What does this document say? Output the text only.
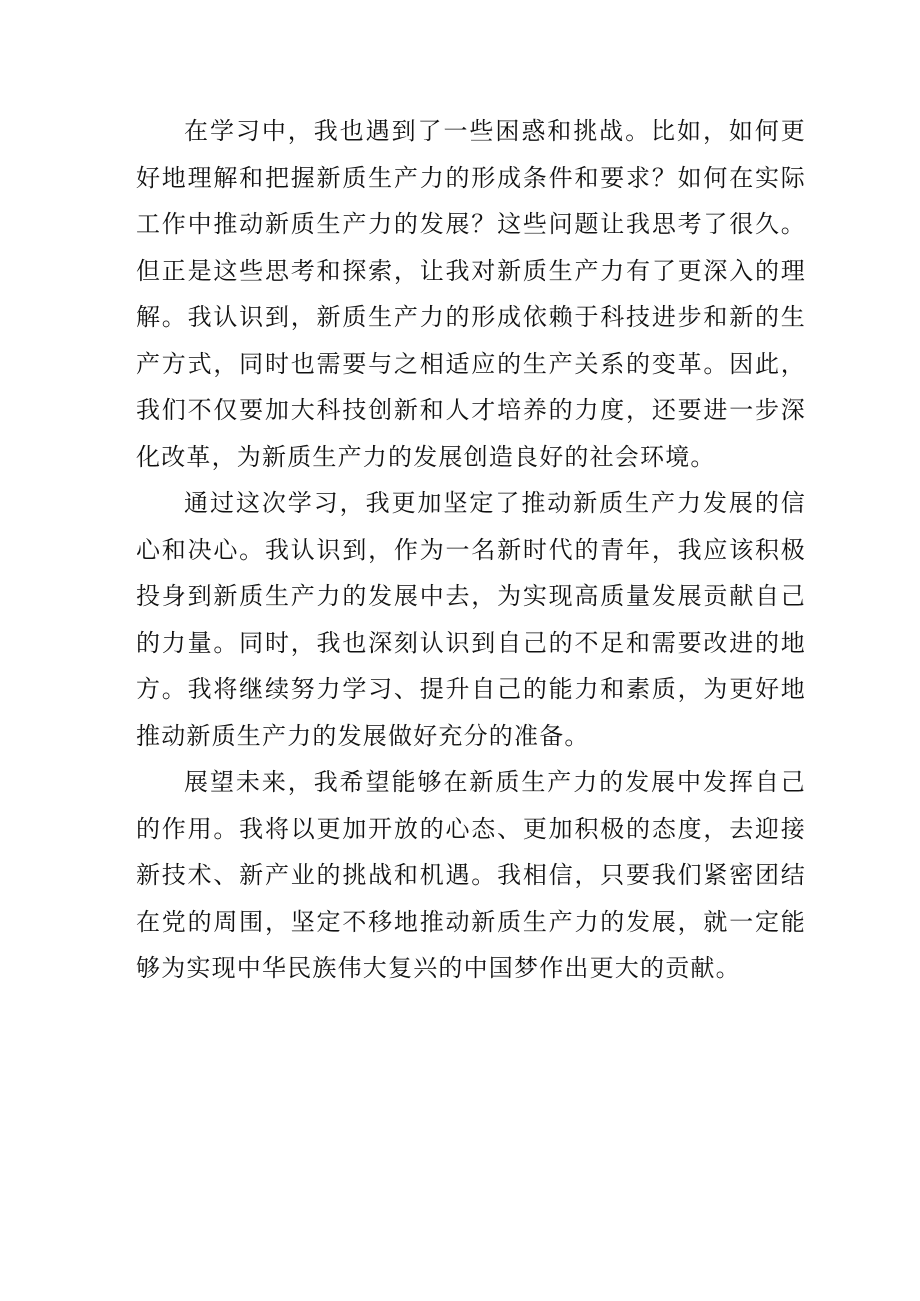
在学习中，我也遇到了一些困惑和挑战。比如，如何更好地理解和把握新质生产力的形成条件和要求？如何在实际工作中推动新质生产力的发展？这些问题让我思考了很久。但正是这些思考和探索，让我对新质生产力有了更深入的理解。我认识到，新质生产力的形成依赖于科技进步和新的生产方式，同时也需要与之相适应的生产关系的变革。因此，我们不仅要加大科技创新和人才培养的力度，还要进一步深化改革，为新质生产力的发展创造良好的社会环境。

通过这次学习，我更加坚定了推动新质生产力发展的信心和决心。我认识到，作为一名新时代的青年，我应该积极投身到新质生产力的发展中去，为实现高质量发展贡献自己的力量。同时，我也深刻认识到自己的不足和需要改进的地方。我将继续努力学习、提升自己的能力和素质，为更好地推动新质生产力的发展做好充分的准备。

展望未来，我希望能够在新质生产力的发展中发挥自己的作用。我将以更加开放的心态、更加积极的态度，去迎接新技术、新产业的挑战和机遇。我相信，只要我们紧密团结在党的周围，坚定不移地推动新质生产力的发展，就一定能够为实现中华民族伟大复兴的中国梦作出更大的贡献。
